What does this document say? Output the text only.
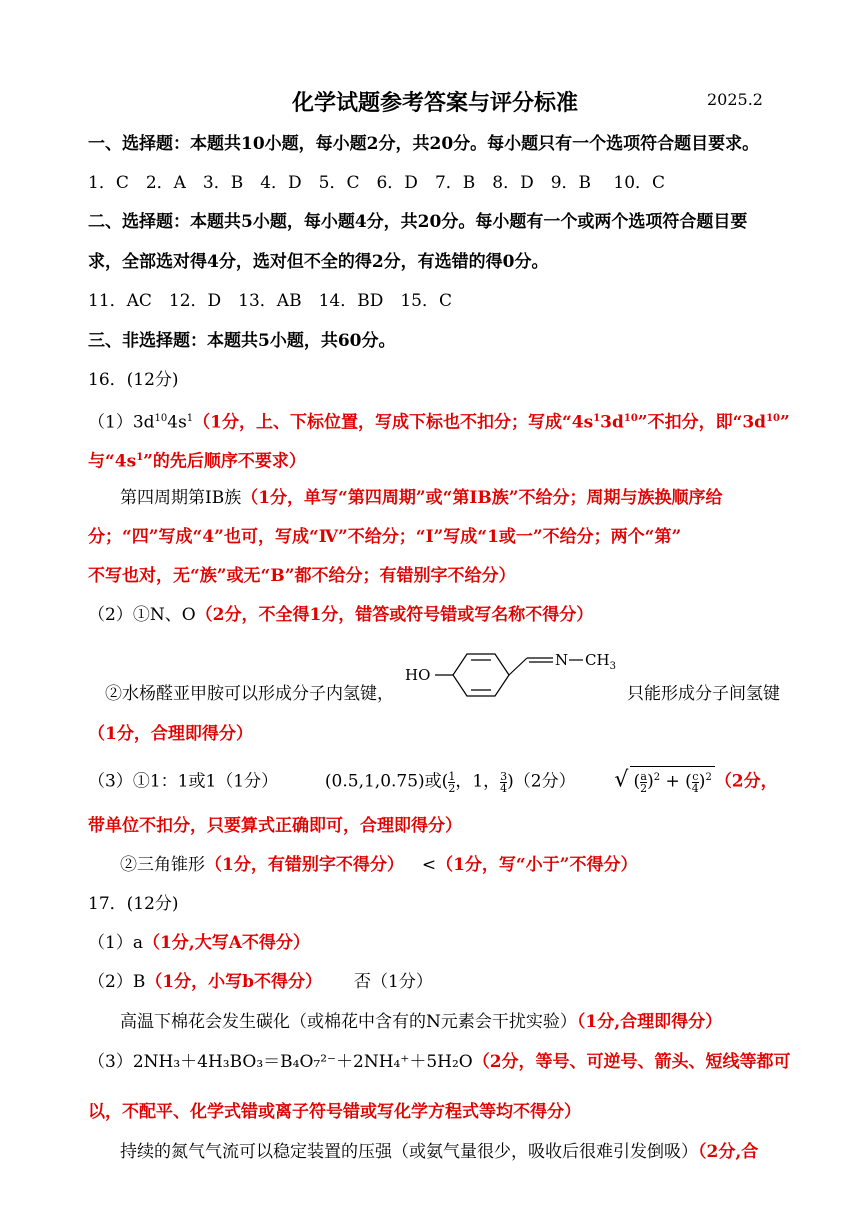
化学试题参考答案与评分标准	2025.2
一、选择题：本题共10小题，每小题2分，共20分。每小题只有一个选项符合题目要求。
1．C　2．A　3．B　4．D　5．C　6．D　7．B　8．D　9．B　 10．C
二、选择题：本题共5小题，每小题4分，共20分。每小题有一个或两个选项符合题目要
求，全部选对得4分，选对但不全的得2分，有选错的得0分。
11．AC　12．D　13．AB　14．BD　15．C
三、非选择题：本题共5小题，共60分。
16．(12分)
$(1)3d^{10}4s^1(1$分，上、下标位置，写成下标也不扣分；写成“$4s^13d^{10}$”不扣分，即“$3d^{10}$”
与“$4s^1$”的先后顺序不要求）
第四周期第IB族（1分，单写“第四周期”或“第ⅠB族”不给分；周期与族换顺序给
分；“四”写成“4”也可，写成“Ⅳ”不给分；“Ⅰ”写成“1或一”不给分；两个“第”
不写也对，无“族”或无“B”都不给分；有错别字不给分）
（2）①N、O（2分，不全得1分，错答或符号错或写名称不得分）
②水杨醛亚甲胺可以形成分子内氢键，	只能形成分子间氢键
HO
N $CH_3$
（1分，合理即得分）
（3）①1：1或1（1分）	(0.5,1,0.75)或( $\frac{1}{2}$ ，1， $\frac{3}{4} )(2$分） √ ( $\frac{a}{2} )^2$ + ( $\frac{c}{4} )^2$ （2分，
带单位不扣分，只要算式正确即可，合理即得分）
②三角锥形（1分，有错别字不得分） <（1分，写“小于”不得分）
17．(12分)
（1）a（1分,大写A不得分）
（2）B（1分，小写b不得分） 否（1分）
高温下棉花会发生碳化（或棉花中含有的N元素会干扰实验）（1分,合理即得分）
（3）2NH₃＋4H₃BO₃＝B₄O₇²⁻＋2NH₄⁺＋5H₂O（2分，等号、可逆号、箭头、短线等都可
以，不配平、化学式错或离子符号错或写化学方程式等均不得分）
持续的氮气气流可以稳定装置的压强（或氨气量很少，吸收后很难引发倒吸）（2分,合
